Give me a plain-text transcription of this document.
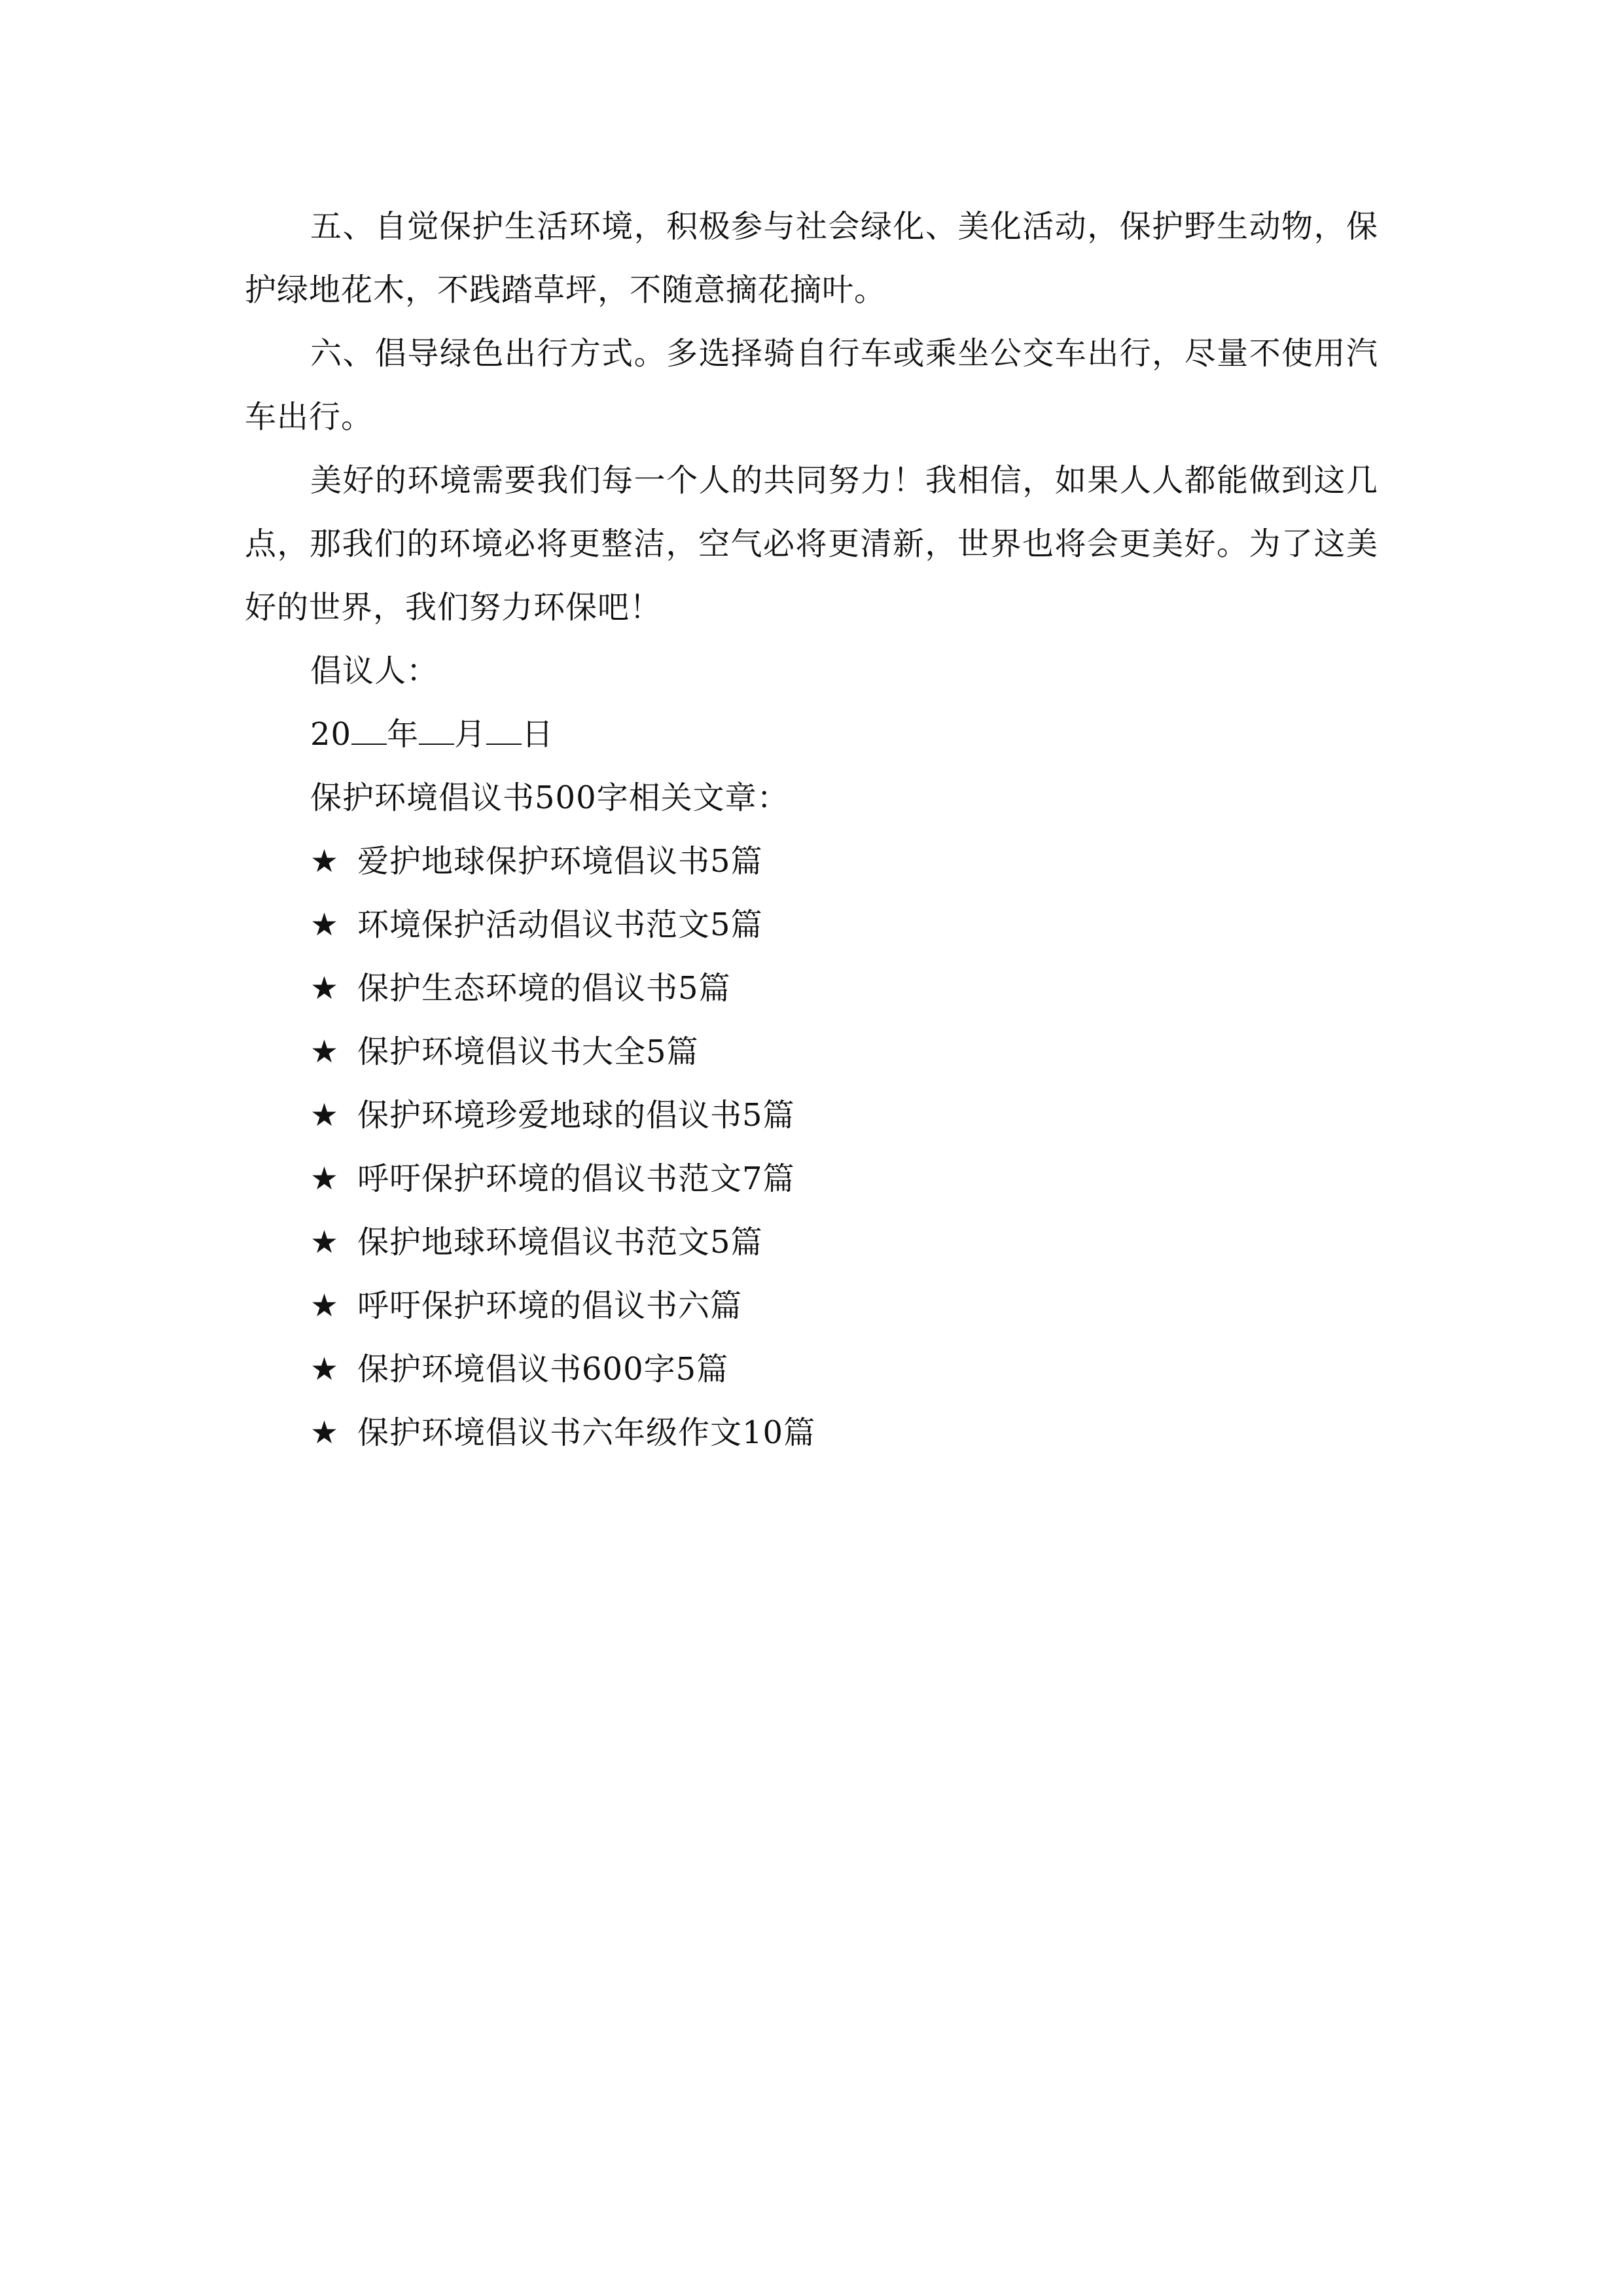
五、自觉保护生活环境，积极参与社会绿化、美化活动，保护野生动物，保护绿地花木，不践踏草坪，不随意摘花摘叶。

六、倡导绿色出行方式。多选择骑自行车或乘坐公交车出行，尽量不使用汽车出行。

美好的环境需要我们每一个人的共同努力！我相信，如果人人都能做到这几点，那我们的环境必将更整洁，空气必将更清新，世界也将会更美好。为了这美好的世界，我们努力环保吧！

倡议人：

20 年 月 日

保护环境倡议书500字相关文章：

★ 爱护地球保护环境倡议书5篇
★ 环境保护活动倡议书范文5篇
★ 保护生态环境的倡议书5篇
★ 保护环境倡议书大全5篇
★ 保护环境珍爱地球的倡议书5篇
★ 呼吁保护环境的倡议书范文7篇
★ 保护地球环境倡议书范文5篇
★ 呼吁保护环境的倡议书六篇
★ 保护环境倡议书600字5篇
★ 保护环境倡议书六年级作文10篇
